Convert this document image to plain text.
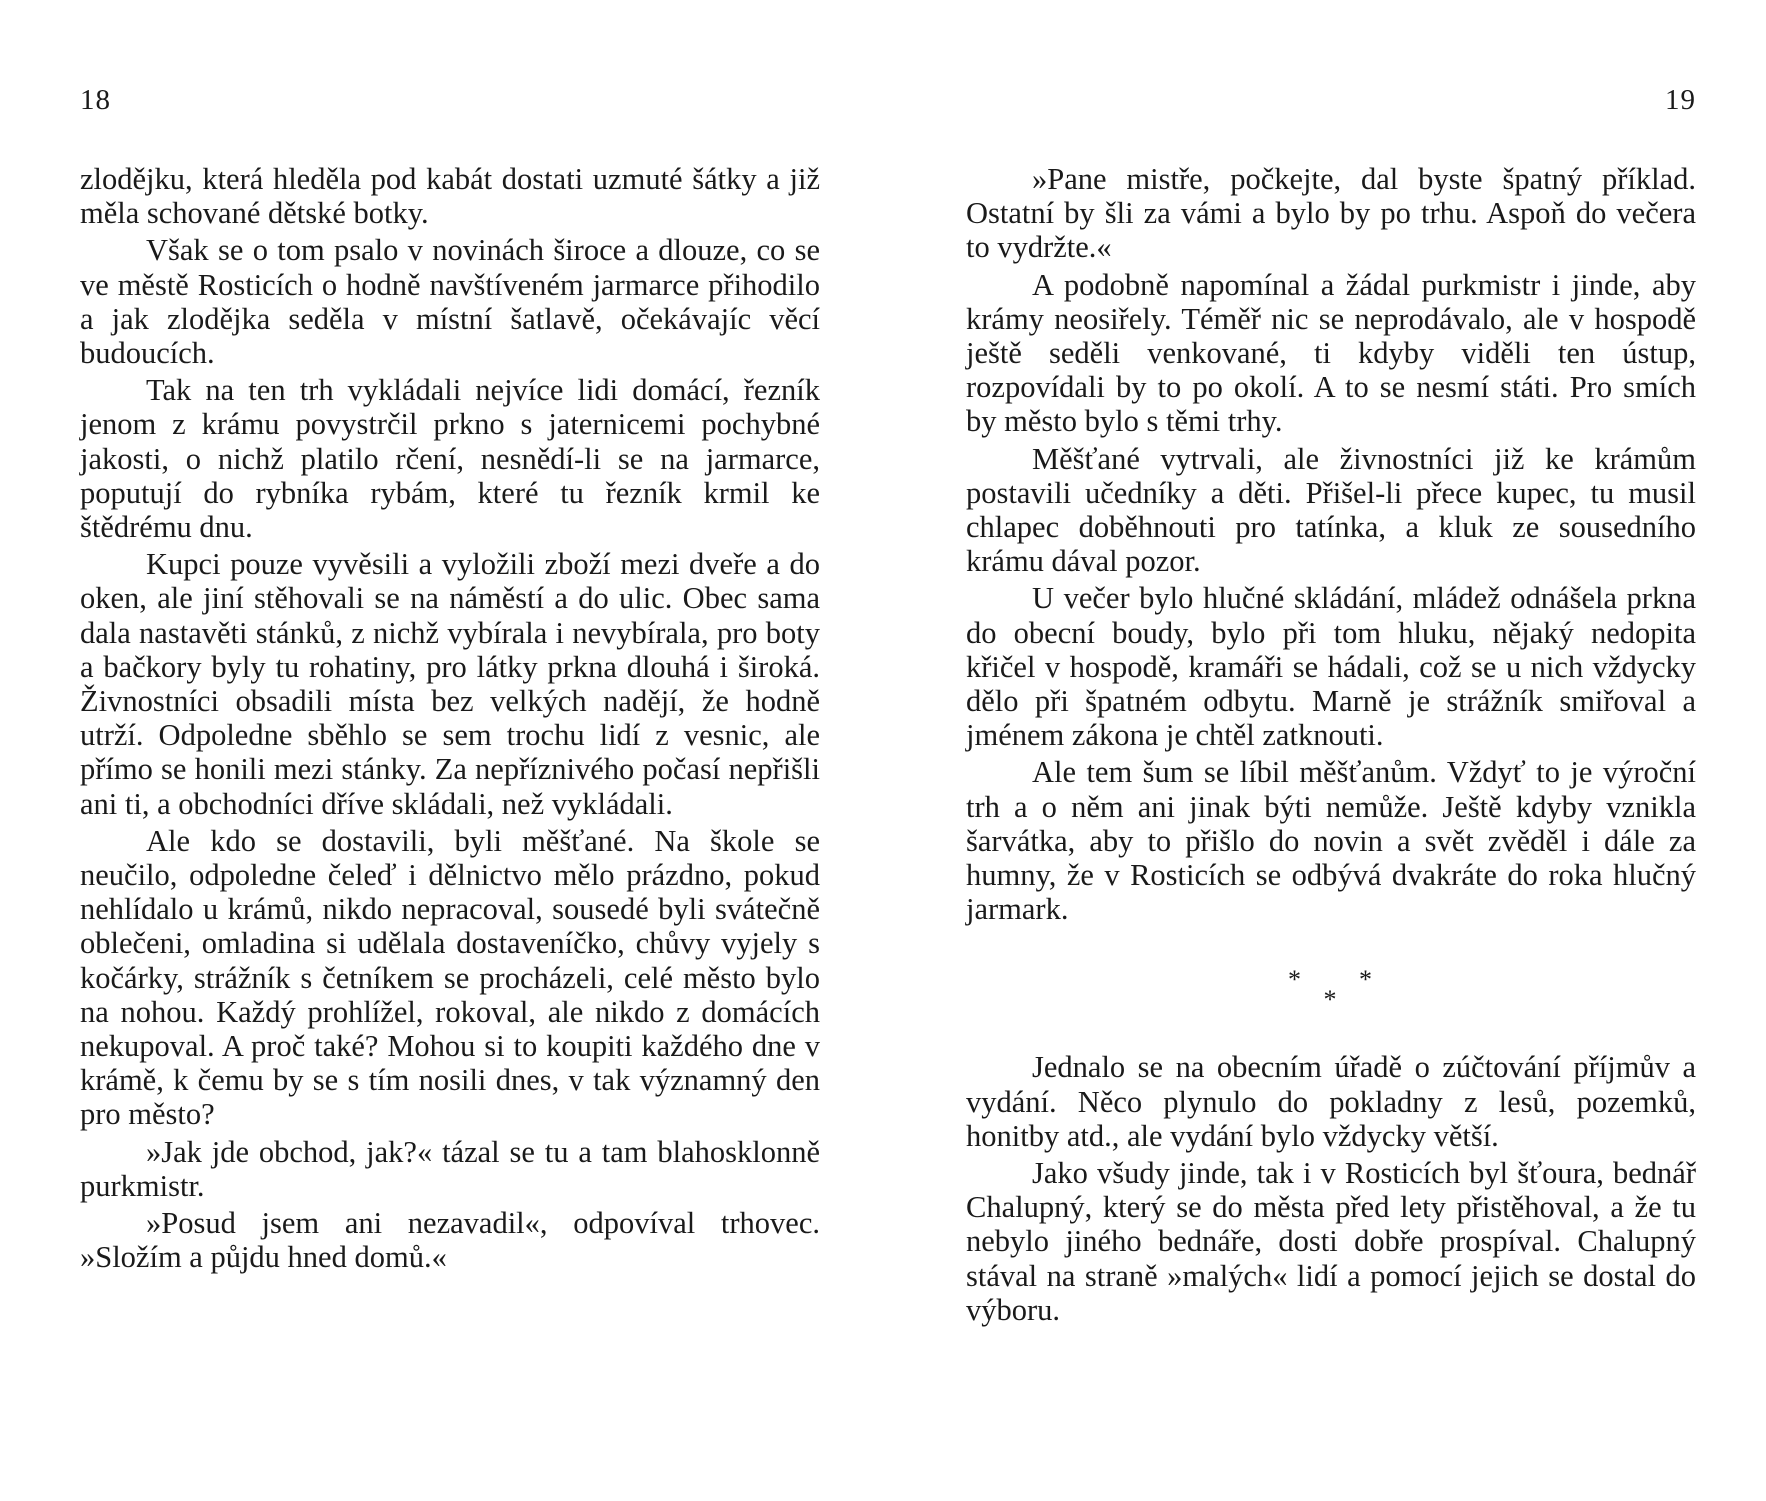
18

zlodějku, která hleděla pod kabát dostati uzmuté šátky a již měla schované dětské botky.

Však se o tom psalo v novinách široce a dlouze, co se ve městě Rosticích o hodně navštíveném jarmarce přihodilo a jak zlodějka seděla v místní šatlavě, očekávajíc věcí budoucích.

Tak na ten trh vykládali nejvíce lidi domácí, řezník jenom z krámu povystrčil prkno s jaternicemi pochybné jakosti, o nichž platilo rčení, nesnědí-li se na jarmarce, poputují do rybníka rybám, které tu řezník krmil ke štědrému dnu.

Kupci pouze vyvěsili a vyložili zboží mezi dveře a do oken, ale jiní stěhovali se na náměstí a do ulic. Obec sama dala nastavěti stánků, z nichž vybírala i nevybírala, pro boty a bačkory byly tu rohatiny, pro látky prkna dlouhá i široká. Živnostníci obsadili místa bez velkých nadějí, že hodně utrží. Odpoledne sběhlo se sem trochu lidí z vesnic, ale přímo se honili mezi stánky. Za nepříznivého počasí nepřišli ani ti, a obchodníci dříve skládali, než vykládali.

Ale kdo se dostavili, byli měšťané. Na škole se neučilo, odpoledne čeleď i dělnictvo mělo prázdno, pokud nehlídalo u krámů, nikdo nepracoval, sousedé byli svátečně oblečeni, omladina si udělala dostaveníčko, chůvy vyjely s kočárky, strážník s četníkem se procházeli, celé město bylo na nohou. Každý prohlížel, rokoval, ale nikdo z domácích nekupoval. A proč také? Mohou si to koupiti každého dne v krámě, k čemu by se s tím nosili dnes, v tak významný den pro město?

»Jak jde obchod, jak?« tázal se tu a tam blahosklonně purkmistr.

»Posud jsem ani nezavadil«, odpovíval trhovec. »Složím a půjdu hned domů.«

19

»Pane mistře, počkejte, dal byste špatný příklad. Ostatní by šli za vámi a bylo by po trhu. Aspoň do večera to vydržte.«

A podobně napomínal a žádal purkmistr i jinde, aby krámy neosiřely. Téměř nic se neprodávalo, ale v hospodě ještě seděli venkované, ti kdyby viděli ten ústup, rozpovídali by to po okolí. A to se nesmí státi. Pro smích by město bylo s těmi trhy.

Měšťané vytrvali, ale živnostníci již ke krámům postavili učedníky a děti. Přišel-li přece kupec, tu musil chlapec doběhnouti pro tatínka, a kluk ze sousedního krámu dával pozor.

U večer bylo hlučné skládání, mládež odnášela prkna do obecní boudy, bylo při tom hluku, nějaký nedopita křičel v hospodě, kramáři se hádali, což se u nich vždycky dělo při špatném odbytu. Marně je strážník smiřoval a jménem zákona je chtěl zatknouti.

Ale tem šum se líbil měšťanům. Vždyť to je výroční trh a o něm ani jinak býti nemůže. Ještě kdyby vznikla šarvátka, aby to přišlo do novin a svět zvěděl i dále za humny, že v Rosticích se odbývá dvakráte do roka hlučný jarmark.

* *
*

Jednalo se na obecním úřadě o zúčtování příjmův a vydání. Něco plynulo do pokladny z lesů, pozemků, honitby atd., ale vydání bylo vždycky větší.

Jako všudy jinde, tak i v Rosticích byl šťoura, bednář Chalupný, který se do města před lety přistěhoval, a že tu nebylo jiného bednáře, dosti dobře prospíval. Chalupný stával na straně »malých« lidí a pomocí jejich se dostal do výboru.
